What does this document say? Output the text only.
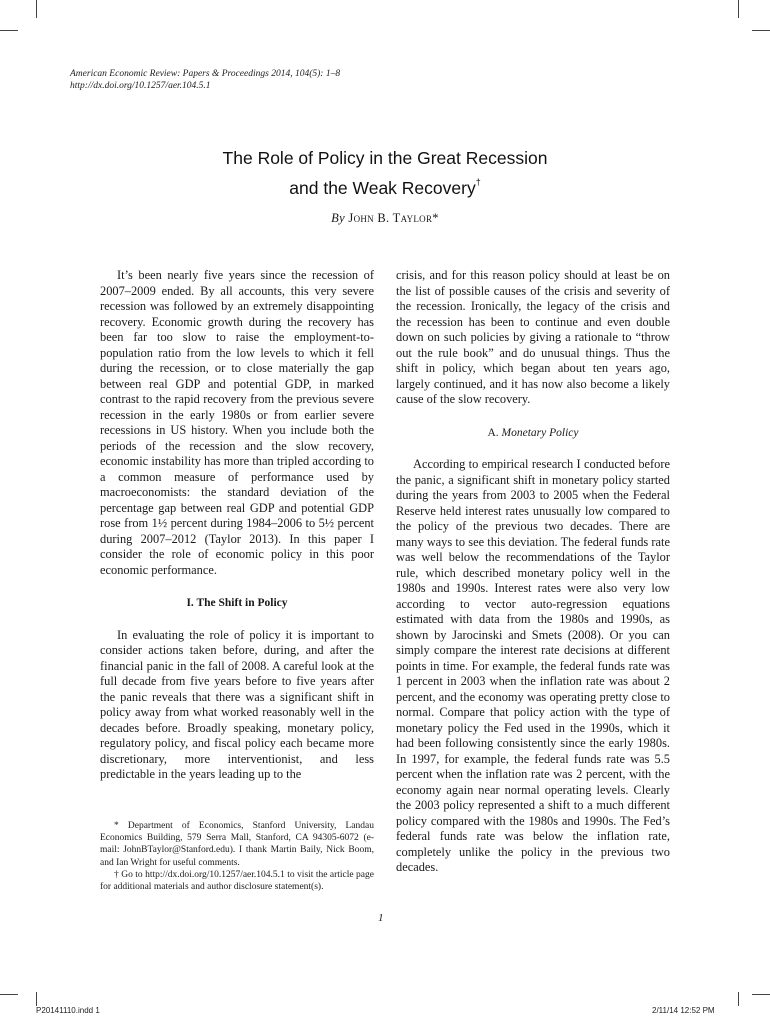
American Economic Review: Papers & Proceedings 2014, 104(5): 1–8
http://dx.doi.org/10.1257/aer.104.5.1
The Role of Policy in the Great Recession
and the Weak Recovery†
By John B. Taylor*

It’s been nearly five years since the recession of 2007–2009 ended. By all accounts, this very severe recession was followed by an extremely disappointing recovery. Economic growth during the recovery has been far too slow to raise the employment-to-population ratio from the low levels to which it fell during the recession, or to close materially the gap between real GDP and potential GDP, in marked contrast to the rapid recovery from the previous severe recession in the early 1980s or from earlier severe recessions in US history. When you include both the periods of the recession and the slow recovery, economic instability has more than tripled according to a common measure of performance used by macroeconomists: the standard deviation of the percentage gap between real GDP and potential GDP rose from 1½ percent during 1984–2006 to 5½ percent during 2007–2012 (Taylor 2013). In this paper I consider the role of economic policy in this poor economic performance.

I. The Shift in Policy

In evaluating the role of policy it is important to consider actions taken before, during, and after the financial panic in the fall of 2008. A careful look at the full decade from five years before to five years after the panic reveals that there was a significant shift in policy away from what worked reasonably well in the decades before. Broadly speaking, monetary policy, regulatory policy, and fiscal policy each became more discretionary, more interventionist, and less predictable in the years leading up to the

crisis, and for this reason policy should at least be on the list of possible causes of the crisis and severity of the recession. Ironically, the legacy of the crisis and the recession has been to continue and even double down on such policies by giving a rationale to “throw out the rule book” and do unusual things. Thus the shift in policy, which began about ten years ago, largely continued, and it has now also become a likely cause of the slow recovery.

A. Monetary Policy

According to empirical research I conducted before the panic, a significant shift in monetary policy started during the years from 2003 to 2005 when the Federal Reserve held interest rates unusually low compared to the policy of the previous two decades. There are many ways to see this deviation. The federal funds rate was well below the recommendations of the Taylor rule, which described monetary policy well in the 1980s and 1990s. Interest rates were also very low according to vector auto-regression equations estimated with data from the 1980s and 1990s, as shown by Jarocinski and Smets (2008). Or you can simply compare the interest rate decisions at different points in time. For example, the federal funds rate was 1 percent in 2003 when the inflation rate was about 2 percent, and the economy was operating pretty close to normal. Compare that policy action with the type of monetary policy the Fed used in the 1990s, which it had been following consistently since the early 1980s. In 1997, for example, the federal funds rate was 5.5 percent when the inflation rate was 2 percent, with the economy again near normal operating levels. Clearly the 2003 policy represented a shift to a much different policy compared with the 1980s and 1990s. The Fed’s federal funds rate was below the inflation rate, completely unlike the policy in the previous two decades.

* Department of Economics, Stanford University, Landau Economics Building, 579 Serra Mall, Stanford, CA 94305-6072 (e-mail: JohnBTaylor@Stanford.edu). I thank Martin Baily, Nick Boom, and Ian Wright for useful comments.

† Go to http://dx.doi.org/10.1257/aer.104.5.1 to visit the article page for additional materials and author disclosure statement(s).

1
P20141110.indd 1	2/11/14 12:52 PM
